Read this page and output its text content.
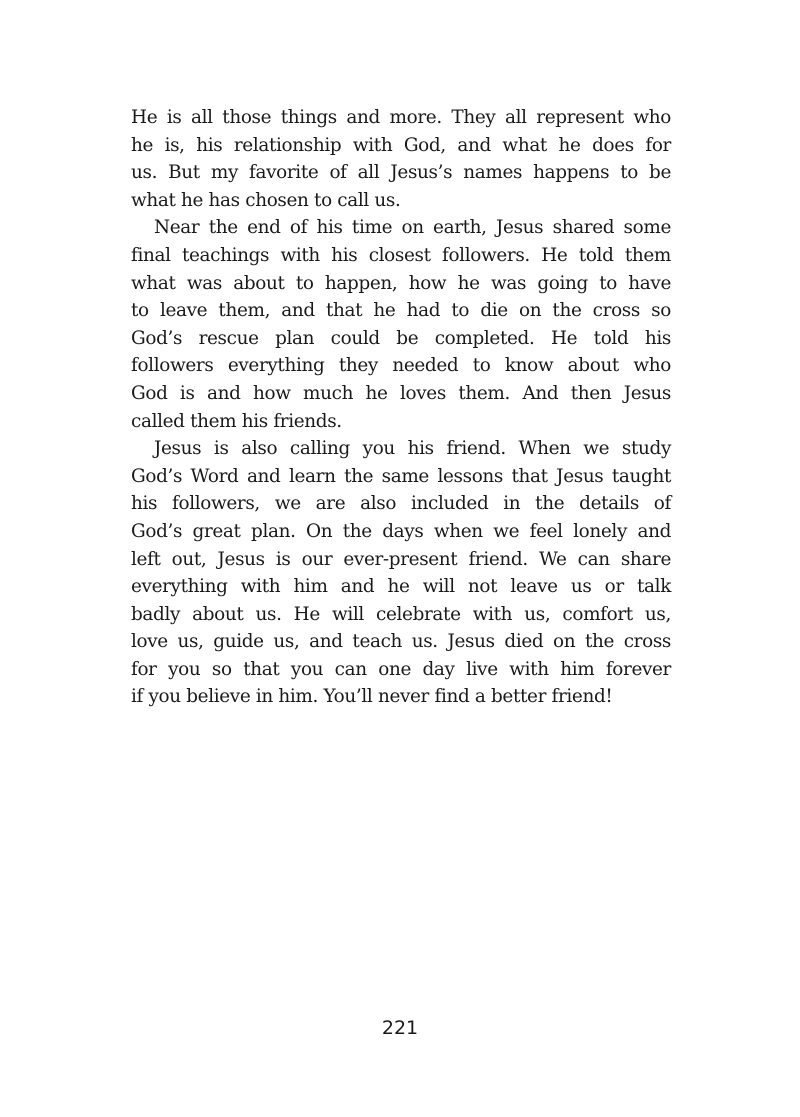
He is all those things and more. They all represent who
he is, his relationship with God, and what he does for
us. But my favorite of all Jesus’s names happens to be
what he has chosen to call us.
Near the end of his time on earth, Jesus shared some
final teachings with his closest followers. He told them
what was about to happen, how he was going to have
to leave them, and that he had to die on the cross so
God’s rescue plan could be completed. He told his
followers everything they needed to know about who
God is and how much he loves them. And then Jesus
called them his friends.
Jesus is also calling you his friend. When we study
God’s Word and learn the same lessons that Jesus taught
his followers, we are also included in the details of
God’s great plan. On the days when we feel lonely and
left out, Jesus is our ever-present friend. We can share
everything with him and he will not leave us or talk
badly about us. He will celebrate with us, comfort us,
love us, guide us, and teach us. Jesus died on the cross
for you so that you can one day live with him forever
if you believe in him. You’ll never find a better friend!
221
